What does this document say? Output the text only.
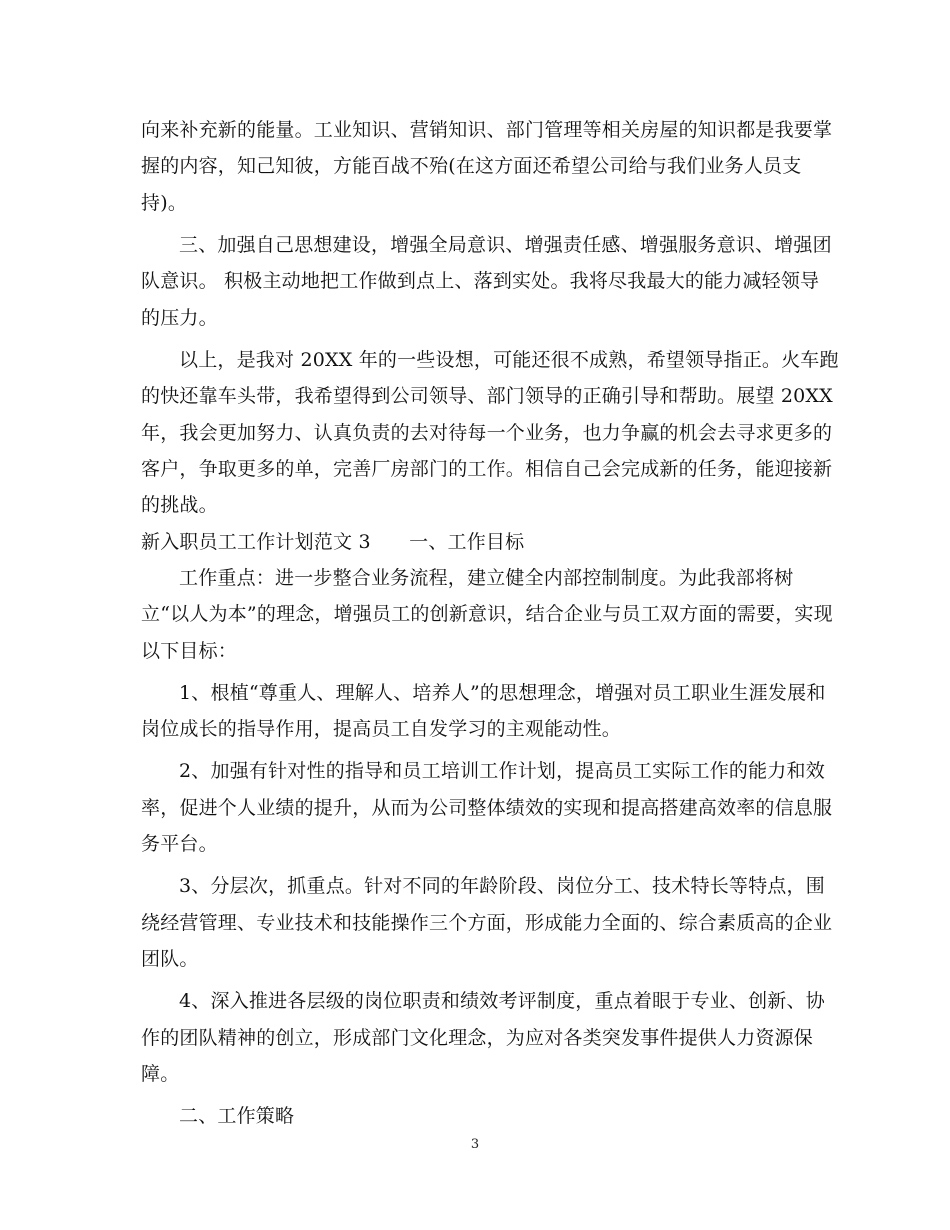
向来补充新的能量。工业知识、营销知识、部门管理等相关房屋的知识都是我要掌
握的内容，知己知彼，方能百战不殆(在这方面还希望公司给与我们业务人员支
持)。
三、加强自己思想建设，增强全局意识、增强责任感、增强服务意识、增强团
队意识。 积极主动地把工作做到点上、落到实处。我将尽我最大的能力减轻领导
的压力。
以上，是我对 20XX 年的一些设想，可能还很不成熟，希望领导指正。火车跑
的快还靠车头带，我希望得到公司领导、部门领导的正确引导和帮助。展望 20XX
年，我会更加努力、认真负责的去对待每一个业务，也力争赢的机会去寻求更多的
客户，争取更多的单，完善厂房部门的工作。相信自己会完成新的任务，能迎接新
的挑战。
新入职员工工作计划范文 3　　一、工作目标
工作重点：进一步整合业务流程，建立健全内部控制制度。为此我部将树
立“以人为本”的理念，增强员工的创新意识，结合企业与员工双方面的需要，实现
以下目标：
1、根植“尊重人、理解人、培养人”的思想理念，增强对员工职业生涯发展和
岗位成长的指导作用，提高员工自发学习的主观能动性。
2、加强有针对性的指导和员工培训工作计划，提高员工实际工作的能力和效
率，促进个人业绩的提升，从而为公司整体绩效的实现和提高搭建高效率的信息服
务平台。
3、分层次，抓重点。针对不同的年龄阶段、岗位分工、技术特长等特点，围
绕经营管理、专业技术和技能操作三个方面，形成能力全面的、综合素质高的企业
团队。
4、深入推进各层级的岗位职责和绩效考评制度，重点着眼于专业、创新、协
作的团队精神的创立，形成部门文化理念，为应对各类突发事件提供人力资源保
障。
二、工作策略
3
